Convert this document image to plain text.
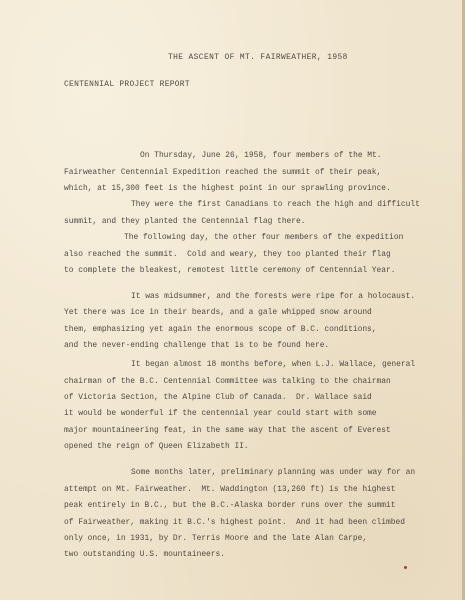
THE ASCENT OF MT. FAIRWEATHER, 1958
CENTENNIAL PROJECT REPORT
On Thursday, June 26, 1958, four members of the Mt.
Fairweather Centennial Expedition reached the summit of their peak,
which, at 15,300 feet is the highest point in our sprawling province.
They were the first Canadians to reach the high and difficult
summit, and they planted the Centennial flag there.
The following day, the other four members of the expedition
also reached the summit.  Cold and weary, they too planted their flag
to complete the bleakest, remotest little ceremony of Centennial Year.
It was midsummer, and the forests were ripe for a holocaust.
Yet there was ice in their beards, and a gale whipped snow around
them, emphasizing yet again the enormous scope of B.C. conditions,
and the never-ending challenge that is to be found here.
It began almost 18 months before, when L.J. Wallace, general
chairman of the B.C. Centennial Committee was talking to the chairman
of Victoria Section, the Alpine Club of Canada.  Dr. Wallace said
it would be wonderful if the centennial year could start with some
major mountaineering feat, in the same way that the ascent of Everest
opened the reign of Queen Elizabeth II.
Some months later, preliminary planning was under way for an
attempt on Mt. Fairweather.  Mt. Waddington (13,260 ft) is the highest
peak entirely in B.C., but the B.C.-Alaska border runs over the summit
of Fairweather, making it B.C.'s highest point.  And it had been climbed
only once, in 1931, by Dr. Terris Moore and the late Alan Carpe,
two outstanding U.S. mountaineers.
